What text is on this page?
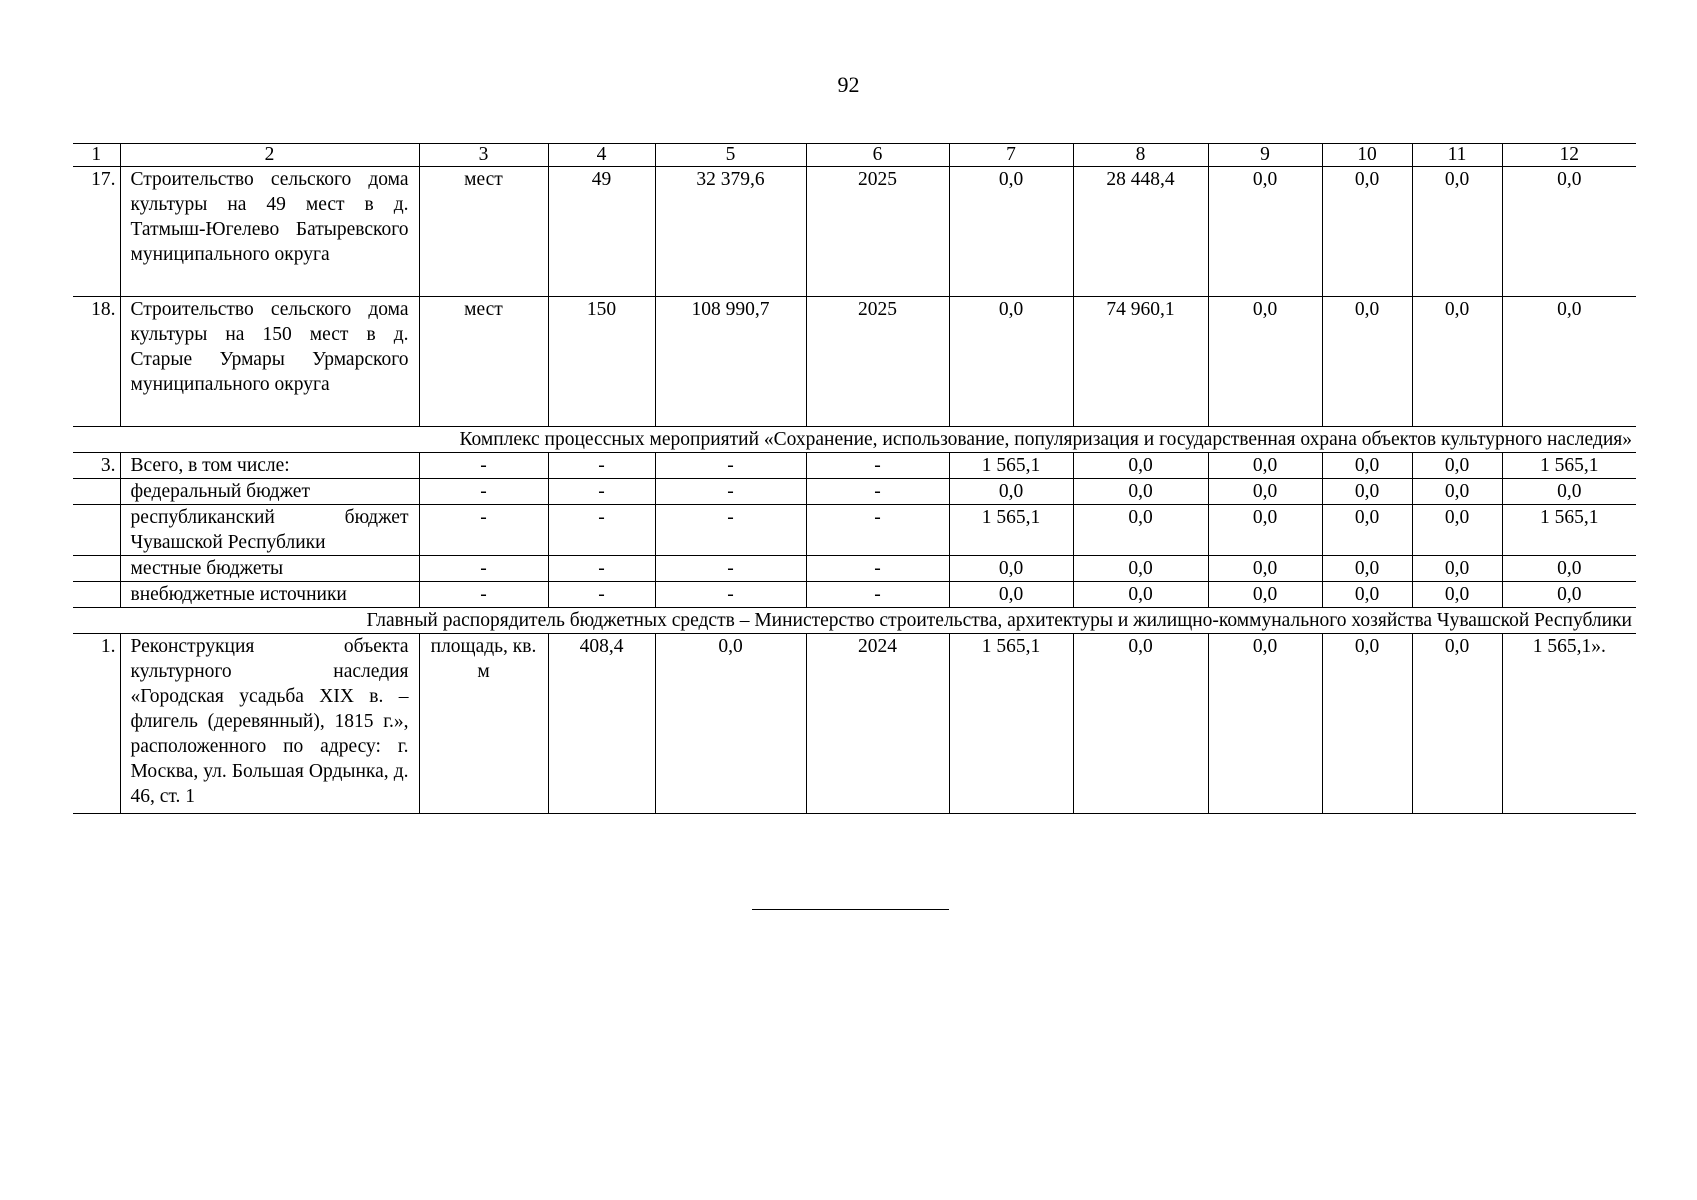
92
1	2	3	4	5	6	7	8	9	10	11	12
17.	Строительство сельского дома культуры на 49 мест в д. Татмыш-Югелево Батыревского муниципального округа	мест	49	32 379,6	2025	0,0	28 448,4	0,0	0,0	0,0	0,0
18.	Строительство сельского дома культуры на 150 мест в д. Старые Урмары Урмарского муниципального округа	мест	150	108 990,7	2025	0,0	74 960,1	0,0	0,0	0,0	0,0
Комплекс процессных мероприятий «Сохранение, использование, популяризация и государственная охрана объектов культурного наследия»											
3.	Всего, в том числе:	-	-	-	-	1 565,1	0,0	0,0	0,0	0,0	1 565,1
	федеральный бюджет	-	-	-	-	0,0	0,0	0,0	0,0	0,0	0,0
	республиканский бюджет Чувашской Республики	-	-	-	-	1 565,1	0,0	0,0	0,0	0,0	1 565,1
	местные бюджеты	-	-	-	-	0,0	0,0	0,0	0,0	0,0	0,0
	внебюджетные источники	-	-	-	-	0,0	0,0	0,0	0,0	0,0	0,0
Главный распорядитель бюджетных средств – Министерство строительства, архитектуры и жилищно-коммунального хозяйства Чувашской Республики											
1.	Реконструкция объекта культурного наследия «Городская усадьба XIX в. – флигель (деревянный), 1815 г.», расположенного по адресу: г. Москва, ул. Большая Ордынка, д. 46, ст. 1	площадь, кв. м	408,4	0,0	2024	1 565,1	0,0	0,0	0,0	0,0	1 565,1».
